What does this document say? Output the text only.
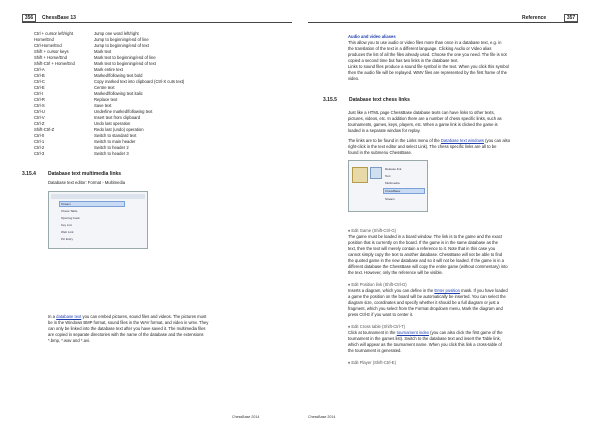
356	ChessBase 13
Ctrl + cursor left/right	Jump one word left/right
Home/End	Jump to beginning/end of line
Ctrl-Home/End	Jump to beginning/end of text
Shift + cursor keys	Mark text
Shift + Home/End	Mark text to beginning/end of line
Shift-Ctrl + Home/End	Mark text to beginning/end of text
Ctrl-A	Mark entire text
Ctrl-B	Marked/following text bold
Ctrl-C	Copy marked text into clipboard (Ctrl-X cuts text)
Ctrl-E	Centre text
Ctrl-I	Marked/following text italic
Ctrl-R	Replace text
Ctrl-S	Save text
Ctrl-U	Underline marked/following text
Ctrl-V	Insert text from clipboard
Ctrl-Z	Undo last operation
Shift-Ctrl-Z	Redo last (undo) operation
Ctrl-0	Switch to standard text
Ctrl-1	Switch to main header
Ctrl-2	Switch to header 2
Ctrl-3	Switch to header 3
3.15.4 Database text multimedia links
Database text editor: Format - Multimedia
Stream
Chess Table
Opening book
Key List
Web Link
Pic Entry
In a database text you can embed pictures, sound files and videos. The pictures must
be in the Windows BMP format, sound files in the WAV format, and video in wmv. They
can only be linked into the database text after you have saved it. The multimedia files
are copied in separate directories with the name of the database and the extensions
*.bmp, *.wav and *.avi.
ChessBase 2014
Reference	357
Audio and video aliases
This allow you to use audio or video files more than once in a database text, e.g. in
the translation of the text in a different language. Clicking Audio or Video alias
produces the list of all the files already used. Choose the one you need. The file is not
copied a second time but has two links in the database text.
Links to sound files produce a sound file symbol in the text. When you click this symbol
then the audio file will be replayed. WMV files are represented by the first frame of the
video.
3.15.5 Database text chess links
Just like a HTML page ChessBase database texts can have links to other texts,
pictures, videos, etc. In addition there are a number of chess specific links, such as
tournaments, games, keys, players, etc. When a game link is clicked the game is
loaded in a separate window for replay.
The links are to be found in the Links menu of the Database text windows (you can also
right-click in the text editor and select Link). The chess specific links are all to be
found in the submenu ChessBase.
Release link
Text
Multimedia
ChessBase
Stream
♦ Edit Game (Shift-Ctrl-G)
The game must be loaded in a board window. The link is to the game and the exact
position that is currently on the board. If the game is in the same database as the
text, then the text will merely contain a reference to it. Note that in this case you
cannot simply copy the text to another database. ChessBase will not be able to find
the quoted game in the new database and so it will not be loaded. If the game is in a
different database the ChessBase will copy the entire game (without commentary) into
the text. However, only the reference will be visible.
♦ Edit Position link (Shift-Ctrl-D)
Inserts a diagram, which you can define in the Enter position mask. If you have loaded
a game the position on the board will be automatically be inserted. You can select the
diagram size, coordinates and specify whether it should be a full diagram or just a
fragment, which you select from the Format dropdown menu. Mark the diagram and
press Ctrl-E if you want to center it.
♦ Edit Cross table (Shift-Ctrl-T)
Click at tournament in the tournament index (you can also click the first game of the
tournament in the games list). Switch to the database text and insert the Table link,
which will appear as the tournament name. When you click this link a cross-table of
the tournament is generated.
♦ Edit Player (Shift-Ctrl-E)
ChessBase 2014
